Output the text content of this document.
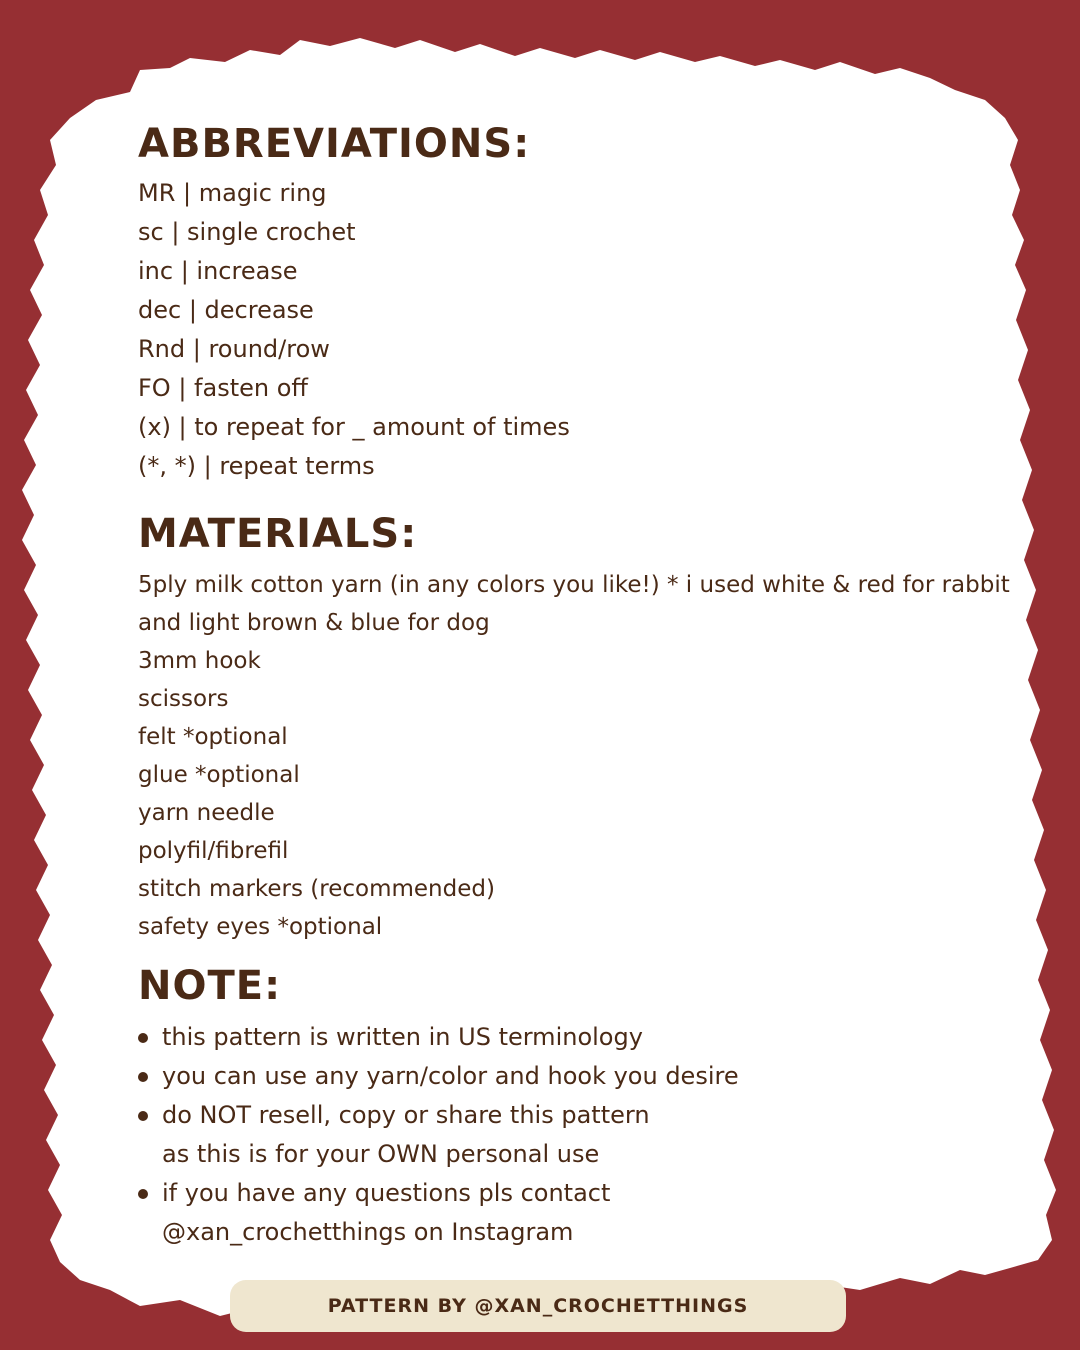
ABBREVIATIONS:
MR | magic ring
sc | single crochet
inc | increase
dec | decrease
Rnd | round/row
FO | fasten off
(x) | to repeat for _ amount of times
(*, *) | repeat terms
MATERIALS:
5ply milk cotton yarn (in any colors you like!) * i used white & red for rabbit and light brown & blue for dog
3mm hook
scissors
felt *optional
glue *optional
yarn needle
polyfil/fibrefil
stitch markers (recommended)
safety eyes *optional
NOTE:
this pattern is written in US terminology
you can use any yarn/color and hook you desire
do NOT resell, copy or share this pattern
as this is for your OWN personal use
if you have any questions pls contact
@xan_crochetthings on Instagram
PATTERN BY @XAN_CROCHETTHINGS
